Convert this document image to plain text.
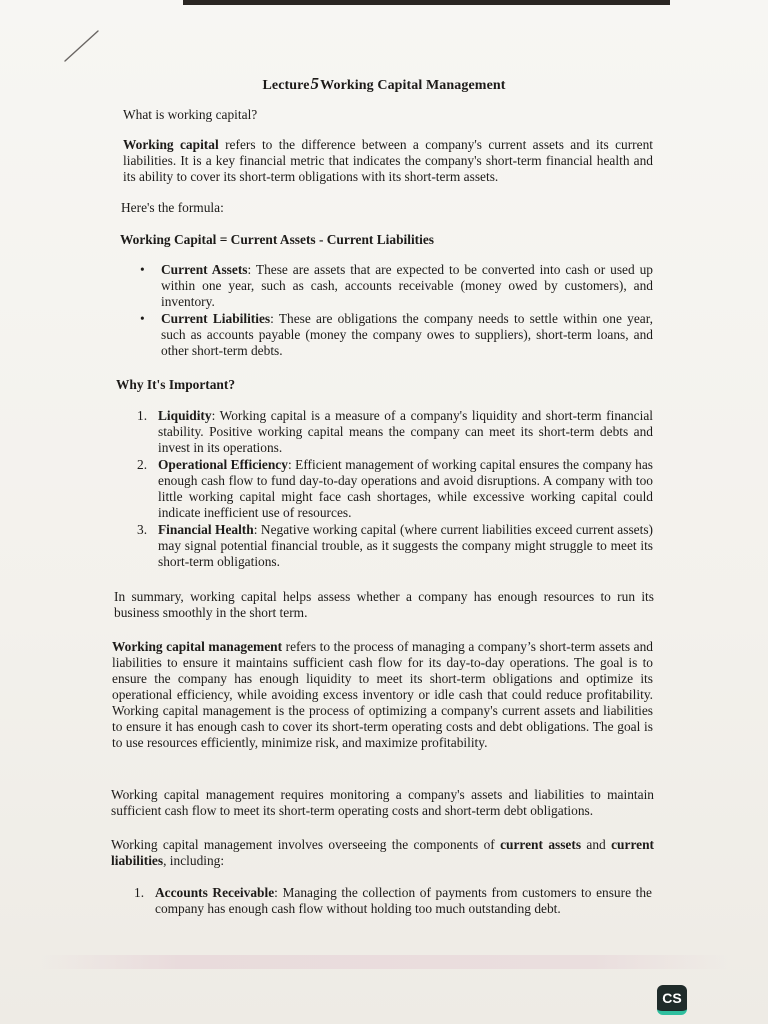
Lecture5Working Capital Management
What is working capital?
Working capital refers to the difference between a company's current assets and its current liabilities. It is a key financial metric that indicates the company's short-term financial health and its ability to cover its short-term obligations with its short-term assets.
Here's the formula:
Working Capital = Current Assets - Current Liabilities
• Current Assets: These are assets that are expected to be converted into cash or used up within one year, such as cash, accounts receivable (money owed by customers), and inventory.
• Current Liabilities: These are obligations the company needs to settle within one year, such as accounts payable (money the company owes to suppliers), short-term loans, and other short-term debts.
Why It's Important?
1. Liquidity: Working capital is a measure of a company's liquidity and short-term financial stability. Positive working capital means the company can meet its short-term debts and invest in its operations.
2. Operational Efficiency: Efficient management of working capital ensures the company has enough cash flow to fund day-to-day operations and avoid disruptions. A company with too little working capital might face cash shortages, while excessive working capital could indicate inefficient use of resources.
3. Financial Health: Negative working capital (where current liabilities exceed current assets) may signal potential financial trouble, as it suggests the company might struggle to meet its short-term obligations.
In summary, working capital helps assess whether a company has enough resources to run its business smoothly in the short term.
Working capital management refers to the process of managing a company’s short-term assets and liabilities to ensure it maintains sufficient cash flow for its day-to-day operations. The goal is to ensure the company has enough liquidity to meet its short-term obligations and optimize its operational efficiency, while avoiding excess inventory or idle cash that could reduce profitability. Working capital management is the process of optimizing a company's current assets and liabilities to ensure it has enough cash to cover its short-term operating costs and debt obligations. The goal is to use resources efficiently, minimize risk, and maximize profitability.
Working capital management requires monitoring a company's assets and liabilities to maintain sufficient cash flow to meet its short-term operating costs and short-term debt obligations.
Working capital management involves overseeing the components of current assets and current liabilities, including:
1. Accounts Receivable: Managing the collection of payments from customers to ensure the company has enough cash flow without holding too much outstanding debt.
CS
